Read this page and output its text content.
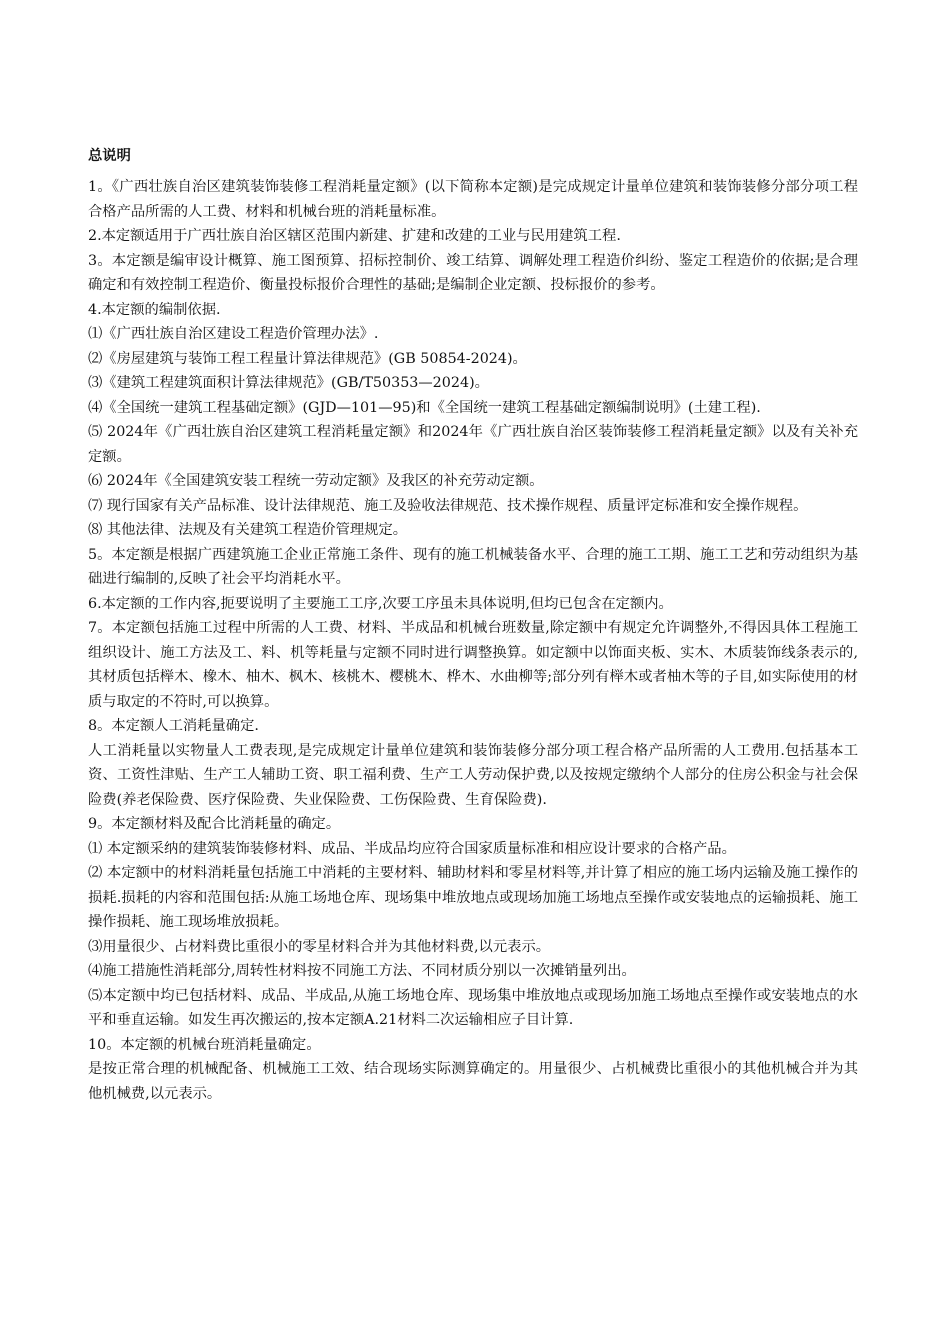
总说明

1。《广西壮族自治区建筑装饰装修工程消耗量定额》(以下简称本定额)是完成规定计量单位建筑和装饰装修分部分项工程合格产品所需的人工费、材料和机械台班的消耗量标准。

2.本定额适用于广西壮族自治区辖区范围内新建、扩建和改建的工业与民用建筑工程.

3。本定额是编审设计概算、施工图预算、招标控制价、竣工结算、调解处理工程造价纠纷、鉴定工程造价的依据;是合理确定和有效控制工程造价、衡量投标报价合理性的基础;是编制企业定额、投标报价的参考。

4.本定额的编制依据.

⑴《广西壮族自治区建设工程造价管理办法》.

⑵《房屋建筑与装饰工程工程量计算法律规范》(GB 50854-2024)。

⑶《建筑工程建筑面积计算法律规范》(GB/T50353—2024)。

⑷《全国统一建筑工程基础定额》(GJD—101—95)和《全国统一建筑工程基础定额编制说明》(土建工程).

⑸ 2024年《广西壮族自治区建筑工程消耗量定额》和2024年《广西壮族自治区装饰装修工程消耗量定额》以及有关补充定额。

⑹ 2024年《全国建筑安装工程统一劳动定额》及我区的补充劳动定额。

⑺ 现行国家有关产品标准、设计法律规范、施工及验收法律规范、技术操作规程、质量评定标准和安全操作规程。

⑻ 其他法律、法规及有关建筑工程造价管理规定。

5。本定额是根据广西建筑施工企业正常施工条件、现有的施工机械装备水平、合理的施工工期、施工工艺和劳动组织为基础进行编制的,反映了社会平均消耗水平。

6.本定额的工作内容,扼要说明了主要施工工序,次要工序虽未具体说明,但均已包含在定额内。

7。本定额包括施工过程中所需的人工费、材料、半成品和机械台班数量,除定额中有规定允许调整外,不得因具体工程施工组织设计、施工方法及工、料、机等耗量与定额不同时进行调整换算。如定额中以饰面夹板、实木、木质装饰线条表示的,其材质包括榉木、橡木、柚木、枫木、核桃木、樱桃木、桦木、水曲柳等;部分列有榉木或者柚木等的子目,如实际使用的材质与取定的不符时,可以换算。

8。本定额人工消耗量确定.

人工消耗量以实物量人工费表现,是完成规定计量单位建筑和装饰装修分部分项工程合格产品所需的人工费用.包括基本工资、工资性津贴、生产工人辅助工资、职工福利费、生产工人劳动保护费,以及按规定缴纳个人部分的住房公积金与社会保险费(养老保险费、医疗保险费、失业保险费、工伤保险费、生育保险费).

9。本定额材料及配合比消耗量的确定。

⑴ 本定额采纳的建筑装饰装修材料、成品、半成品均应符合国家质量标准和相应设计要求的合格产品。

⑵ 本定额中的材料消耗量包括施工中消耗的主要材料、辅助材料和零星材料等,并计算了相应的施工场内运输及施工操作的损耗.损耗的内容和范围包括:从施工场地仓库、现场集中堆放地点或现场加施工场地点至操作或安装地点的运输损耗、施工操作损耗、施工现场堆放损耗。

⑶用量很少、占材料费比重很小的零星材料合并为其他材料费,以元表示。

⑷施工措施性消耗部分,周转性材料按不同施工方法、不同材质分别以一次摊销量列出。

⑸本定额中均已包括材料、成品、半成品,从施工场地仓库、现场集中堆放地点或现场加施工场地点至操作或安装地点的水平和垂直运输。如发生再次搬运的,按本定额A.21材料二次运输相应子目计算.

10。本定额的机械台班消耗量确定。

是按正常合理的机械配备、机械施工工效、结合现场实际测算确定的。用量很少、占机械费比重很小的其他机械合并为其他机械费,以元表示。
